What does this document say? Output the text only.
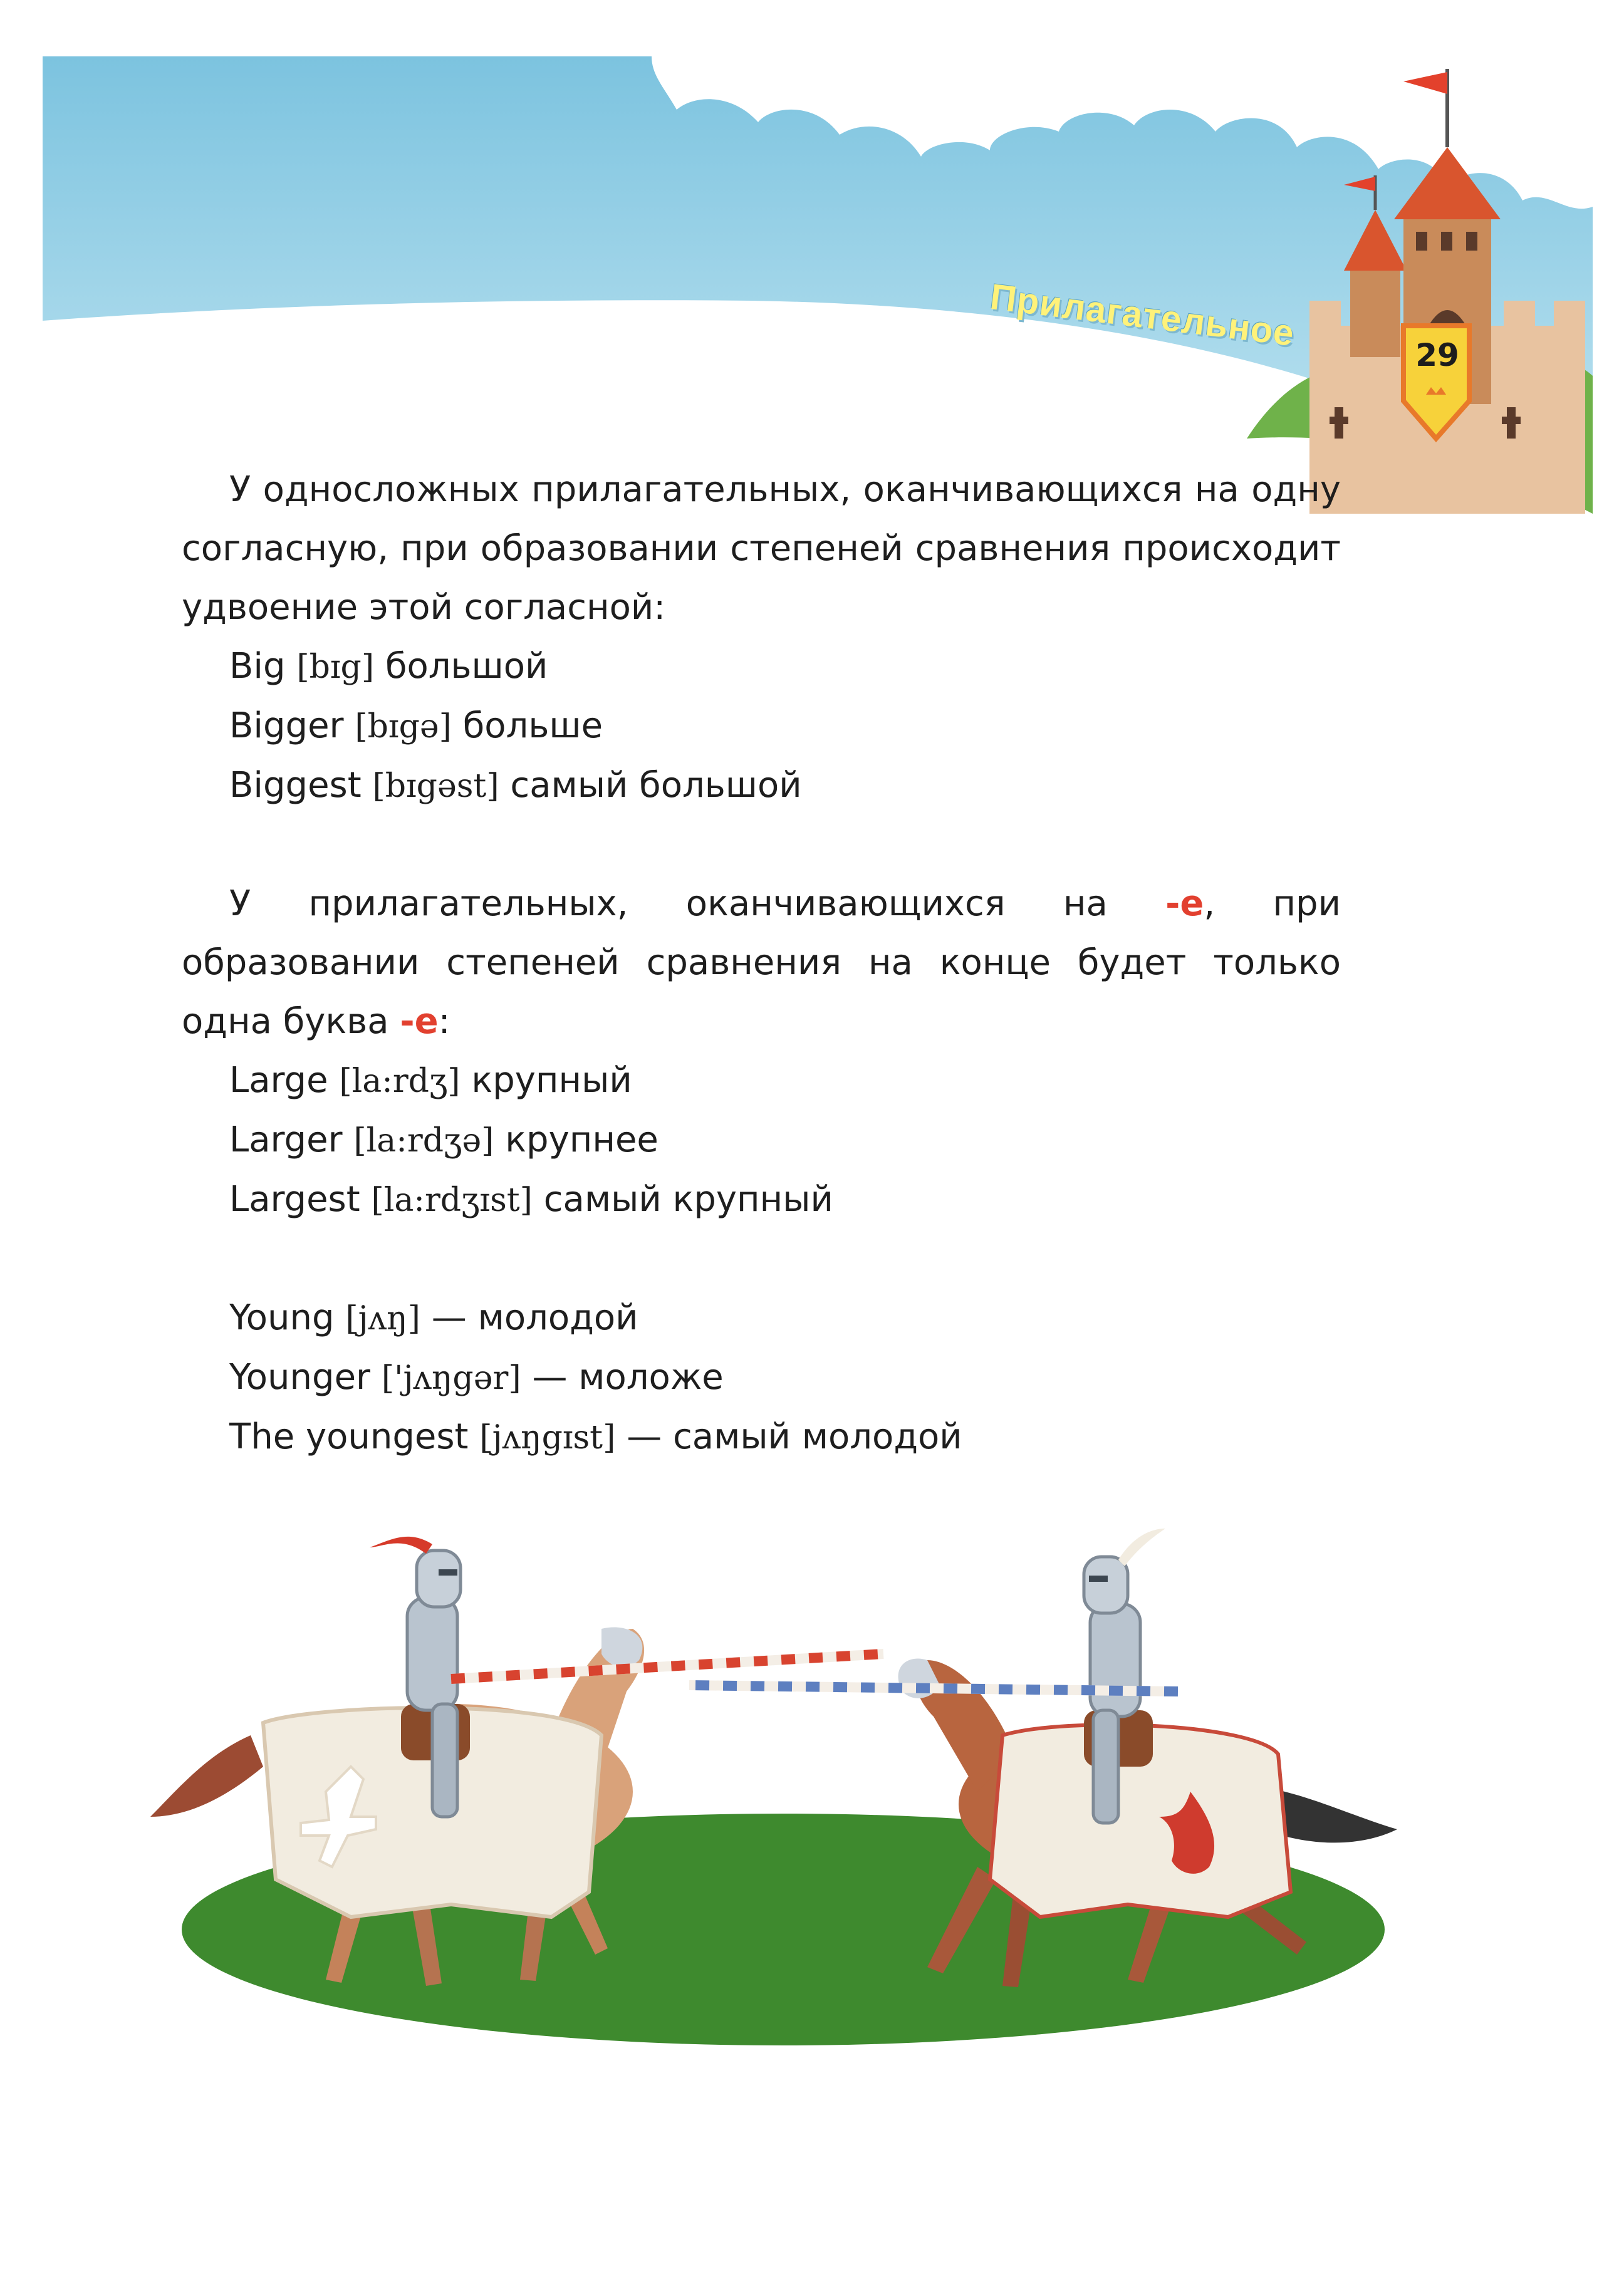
Прилагательное
29

У односложных прилагательных, оканчивающихся на одну согласную, при образовании степеней сравнения происходит удвоение этой согласной:

Big [bɪg] большой
Bigger [bɪgə] больше
Biggest [bɪgəst] самый большой

У прилагательных, оканчивающихся на -e, при образовании степеней сравнения на конце будет только одна буква -e:

Large [la:rdʒ] крупный
Larger [la:rdʒə] крупнее
Largest [la:rdʒɪst] самый крупный
Young [jʌŋ] — молодой
Younger ['jʌŋgər] — моложе
The youngest [jʌŋgɪst] — самый молодой
